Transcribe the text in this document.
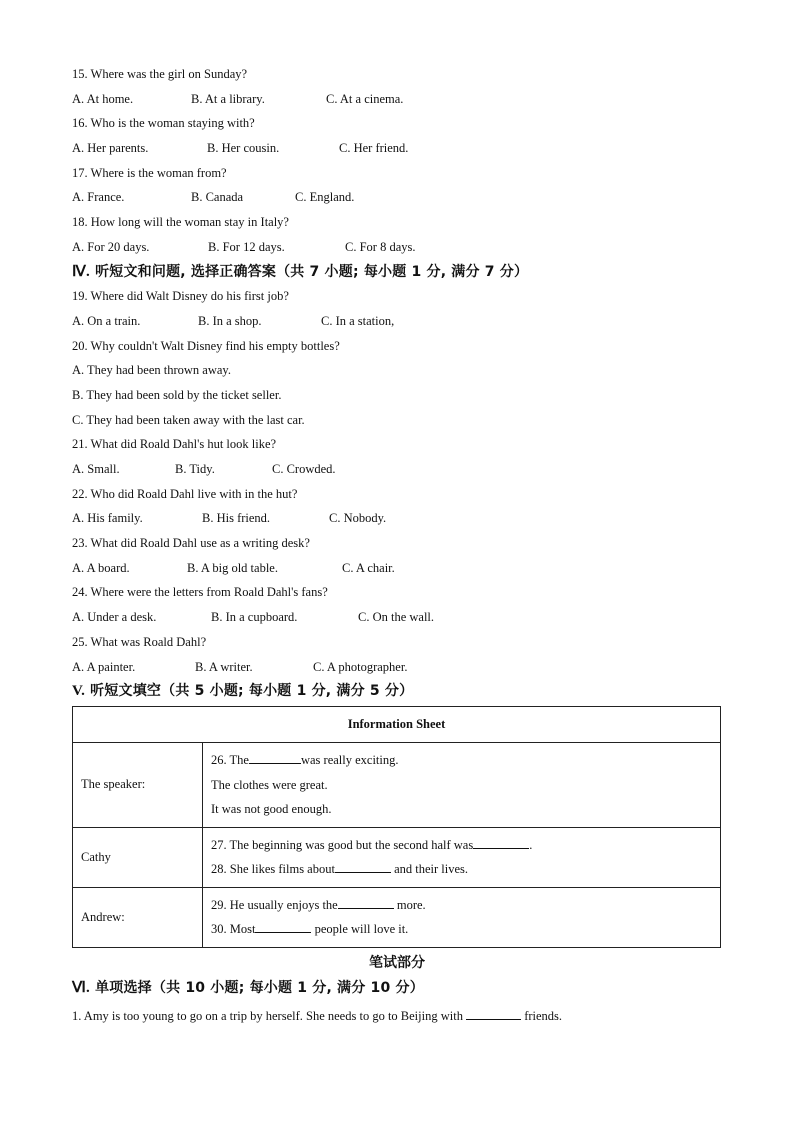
15. Where was the girl on Sunday?
A. At home.	B. At a library.	C. At a cinema.
16. Who is the woman staying with?
A. Her parents.	B. Her cousin.	C. Her friend.
17. Where is the woman from?
A. France.	B. Canada	C. England.
18. How long will the woman stay in Italy?
A. For 20 days.	B. For 12 days.	C. For 8 days.
Ⅳ. 听短文和问题, 选择正确答案（共 7 小题; 每小题 1 分, 满分 7 分）
19. Where did Walt Disney do his first job?
A. On a train.	B. In a shop.	C. In a station,
20. Why couldn't Walt Disney find his empty bottles?
A. They had been thrown away.
B. They had been sold by the ticket seller.
C. They had been taken away with the last car.
21. What did Roald Dahl's hut look like?
A. Small.	B. Tidy.	C. Crowded.
22. Who did Roald Dahl live with in the hut?
A. His family.	B. His friend.	C. Nobody.
23. What did Roald Dahl use as a writing desk?
A. A board.	B. A big old table.	C. A chair.
24. Where were the letters from Roald Dahl's fans?
A. Under a desk.	B. In a cupboard.	C. On the wall.
25. What was Roald Dahl?
A. A painter.	B. A writer.	C. A photographer.
V. 听短文填空（共 5 小题; 每小题 1 分, 满分 5 分）
Information Sheet	
The speaker:	26. The was really exciting.
The clothes were great.
It was not good enough.

Cathy	27. The beginning was good but the second half was .
28. She likes films about and their lives.

Andrew:	29. He usually enjoys the more.
30. Most people will love it.
笔试部分
Ⅵ. 单项选择（共 10 小题; 每小题 1 分, 满分 10 分）
1. Amy is too young to go on a trip by herself. She needs to go to Beijing with	friends.
